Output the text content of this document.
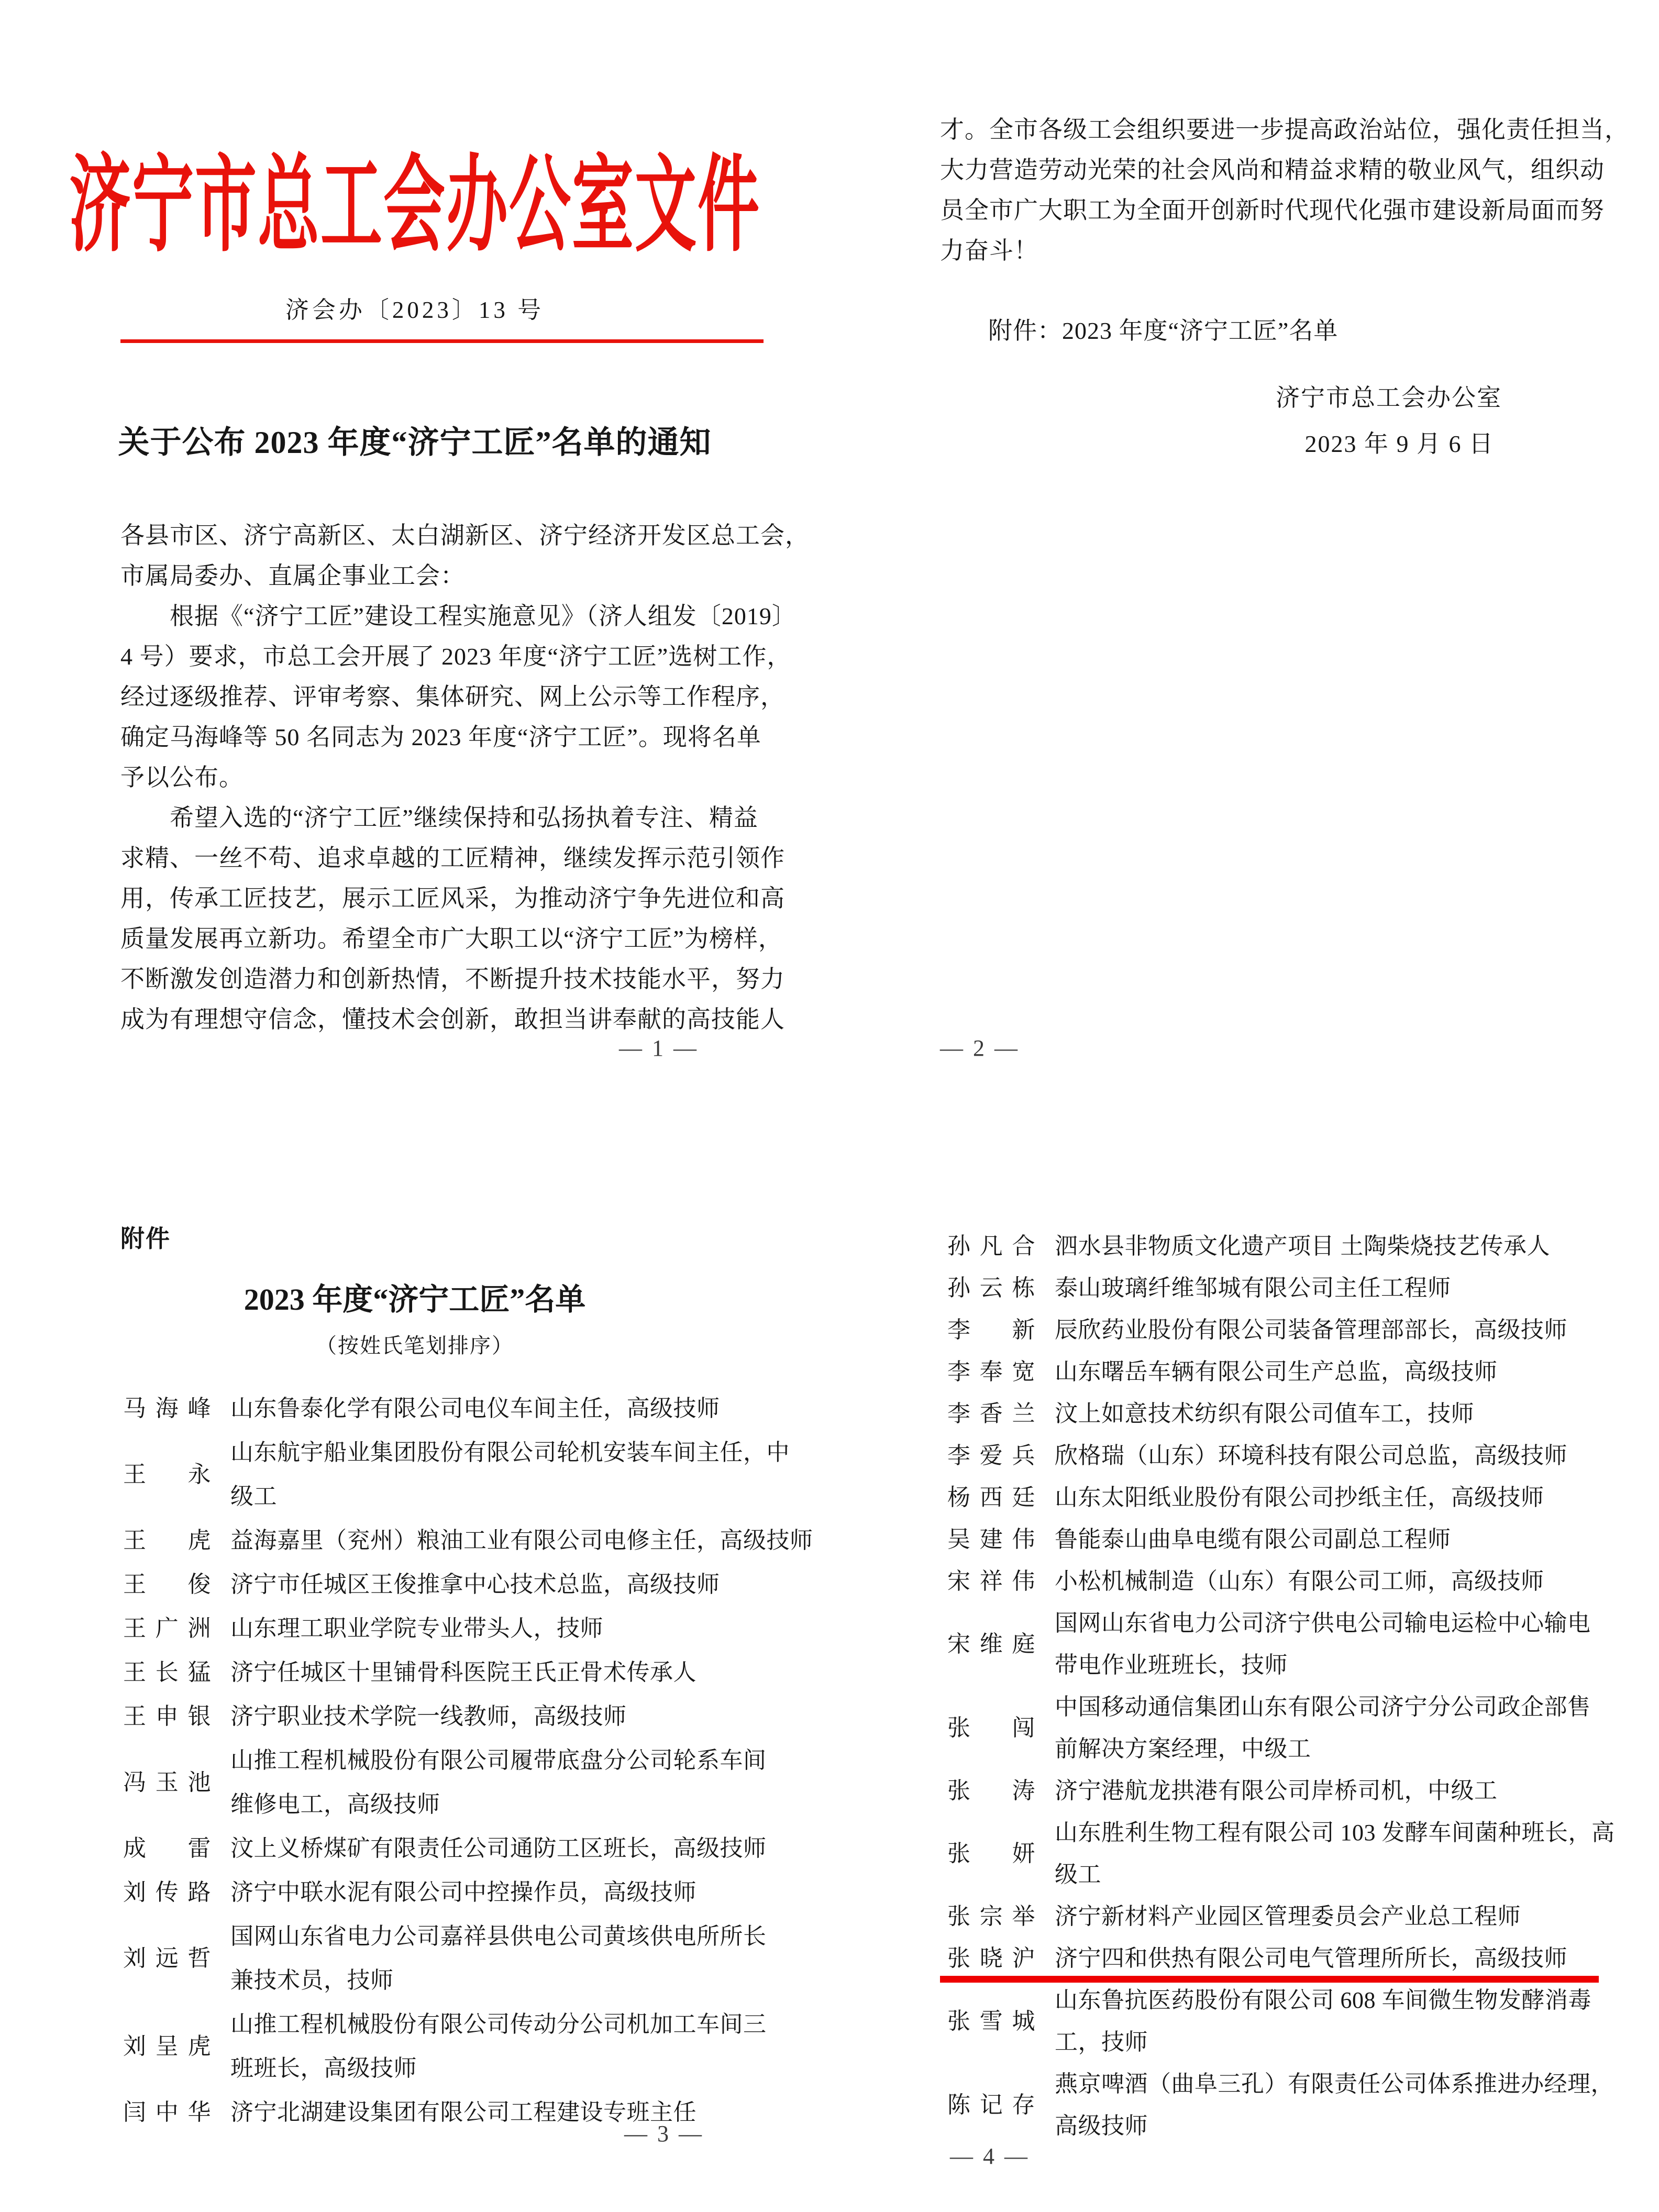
济宁市总工会办公室文件
济会办〔2023〕13 号
关于公布 2023 年度“济宁工匠”名单的通知
各县市区、济宁高新区、太白湖新区、济宁经济开发区总工会，
市属局委办、直属企事业工会：
　　根据《“济宁工匠”建设工程实施意见》（济人组发〔2019〕
4 号）要求，市总工会开展了 2023 年度“济宁工匠”选树工作，
经过逐级推荐、评审考察、集体研究、网上公示等工作程序，
确定马海峰等 50 名同志为 2023 年度“济宁工匠”。现将名单
予以公布。
　　希望入选的“济宁工匠”继续保持和弘扬执着专注、精益
求精、一丝不苟、追求卓越的工匠精神，继续发挥示范引领作
用，传承工匠技艺，展示工匠风采，为推动济宁争先进位和高
质量发展再立新功。希望全市广大职工以“济宁工匠”为榜样，
不断激发创造潜力和创新热情，不断提升技术技能水平，努力
成为有理想守信念，懂技术会创新，敢担当讲奉献的高技能人
— 1 —
才。全市各级工会组织要进一步提高政治站位，强化责任担当，
大力营造劳动光荣的社会风尚和精益求精的敬业风气，组织动
员全市广大职工为全面开创新时代现代化强市建设新局面而努
力奋斗！
附件：2023 年度“济宁工匠”名单
济宁市总工会办公室
2023 年 9 月 6 日
— 2 —
附件
2023 年度“济宁工匠”名单
（按姓氏笔划排序）
马海峰 山东鲁泰化学有限公司电仪车间主任，高级技师
王　永
山东航宇船业集团股份有限公司轮机安装车间主任，中
级工
王　虎 益海嘉里（兖州）粮油工业有限公司电修主任，高级技师
王　俊 济宁市任城区王俊推拿中心技术总监，高级技师
王广洲 山东理工职业学院专业带头人，技师
王长猛 济宁任城区十里铺骨科医院王氏正骨术传承人
王申银 济宁职业技术学院一线教师，高级技师
冯玉池
山推工程机械股份有限公司履带底盘分公司轮系车间
维修电工，高级技师
成　雷 汶上义桥煤矿有限责任公司通防工区班长，高级技师
刘传路 济宁中联水泥有限公司中控操作员，高级技师
刘远哲
国网山东省电力公司嘉祥县供电公司黄垓供电所所长
兼技术员，技师
刘呈虎
山推工程机械股份有限公司传动分公司机加工车间三
班班长，高级技师
闫中华 济宁北湖建设集团有限公司工程建设专班主任
— 3 —
孙凡合 泗水县非物质文化遗产项目 土陶柴烧技艺传承人
孙云栋 泰山玻璃纤维邹城有限公司主任工程师
李　新 辰欣药业股份有限公司装备管理部部长，高级技师
李奉宽 山东曙岳车辆有限公司生产总监，高级技师
李香兰 汶上如意技术纺织有限公司值车工，技师
李爱兵 欣格瑞（山东）环境科技有限公司总监，高级技师
杨西廷 山东太阳纸业股份有限公司抄纸主任，高级技师
吴建伟 鲁能泰山曲阜电缆有限公司副总工程师
宋祥伟 小松机械制造（山东）有限公司工师，高级技师
宋维庭
国网山东省电力公司济宁供电公司输电运检中心输电
带电作业班班长，技师
张　闯
中国移动通信集团山东有限公司济宁分公司政企部售
前解决方案经理，中级工
张　涛 济宁港航龙拱港有限公司岸桥司机，中级工
张　妍
山东胜利生物工程有限公司 103 发酵车间菌种班长，高
级工
张宗举 济宁新材料产业园区管理委员会产业总工程师
张晓沪 济宁四和供热有限公司电气管理所所长，高级技师
张雪城
山东鲁抗医药股份有限公司 608 车间微生物发酵消毒
工，技师
陈记存
燕京啤酒（曲阜三孔）有限责任公司体系推进办经理，
高级技师
— 4 —
